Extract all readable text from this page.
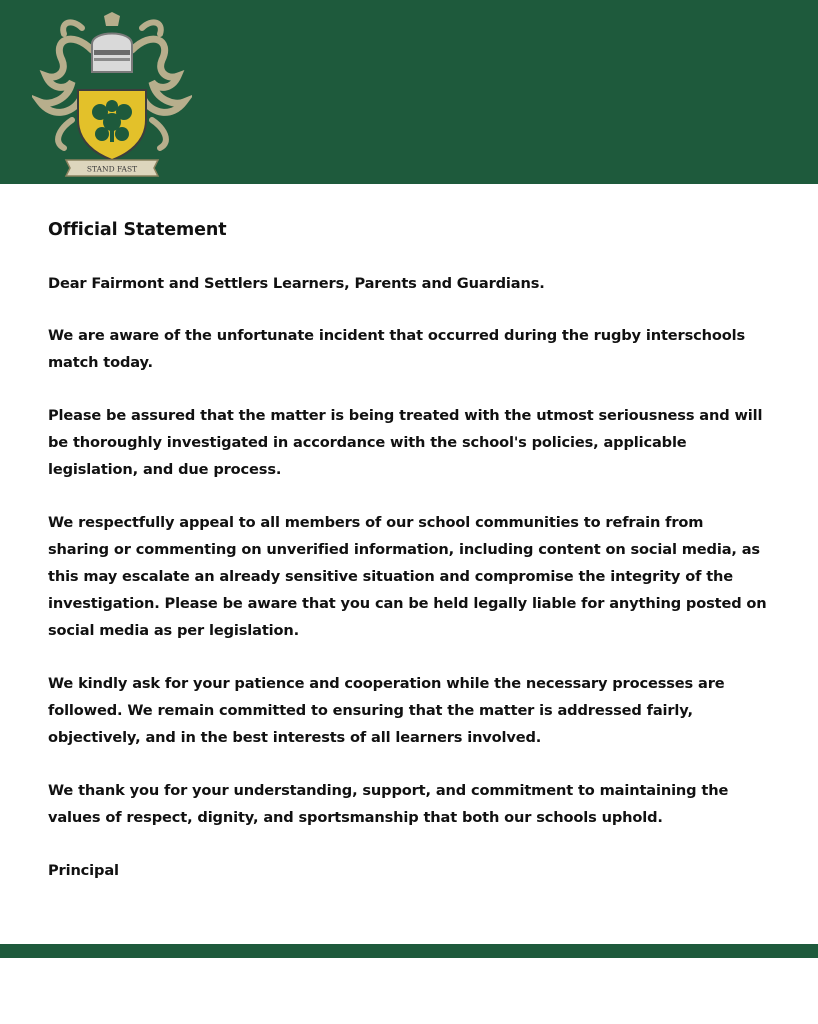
STAND FAST
Official Statement

Dear Fairmont and Settlers Learners, Parents and Guardians.

We are aware of the unfortunate incident that occurred during the rugby interschools match today.

Please be assured that the matter is being treated with the utmost seriousness and will be thoroughly investigated in accordance with the school's policies, applicable legislation, and due process.

We respectfully appeal to all members of our school communities to refrain from sharing or commenting on unverified information, including content on social media, as this may escalate an already sensitive situation and compromise the integrity of the investigation. Please be aware that you can be held legally liable for anything posted on social media as per legislation.

We kindly ask for your patience and cooperation while the necessary processes are followed. We remain committed to ensuring that the matter is addressed fairly, objectively, and in the best interests of all learners involved.

We thank you for your understanding, support, and commitment to maintaining the values of respect, dignity, and sportsmanship that both our schools uphold.

Principal
